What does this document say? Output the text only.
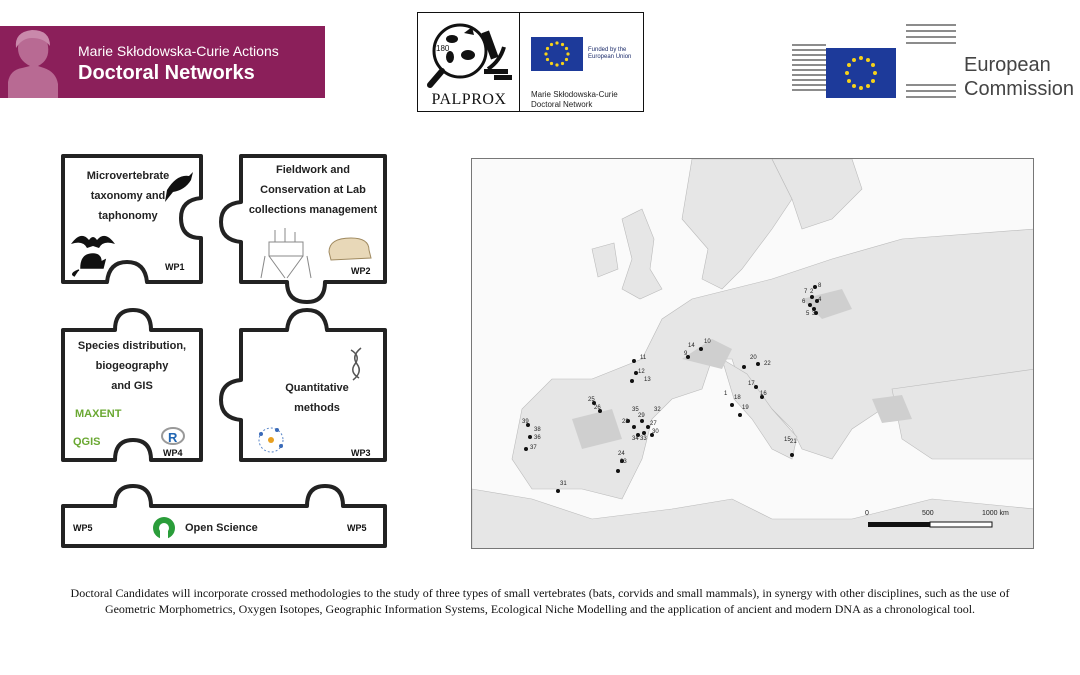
Marie Skłodowska-Curie Actions
Doctoral Networks
180
PALPROX
Funded by the European Union
Marie Skłodowska-Curie Doctoral Network
European
Commission
R
Microvertebrate
taxonomy and
taphonomy
WP1
Fieldwork and
Conservation at Lab
collections management
WP2
Species distribution,
biogeography
and GIS
MAXENT
QGIS
WP4
Quantitative
methods
WP3
WP5	Open Science	WP5
8
7 2
4
6
5 3
10
14
9
11
12
13
20
22
16
18
19
15 21
25
26	35	32
29
28	27
30
34 33
39
38
36
37
24
23
31
17
1
0	500	1000 km
Doctoral Candidates will incorporate crossed methodologies to the study of three types of small vertebrates (bats, corvids and small mammals), in synergy with other disciplines, such as the use of Geometric Morphometrics, Oxygen Isotopes, Geographic Information Systems, Ecological Niche Modelling and the application of ancient and modern DNA as a chronological tool.
